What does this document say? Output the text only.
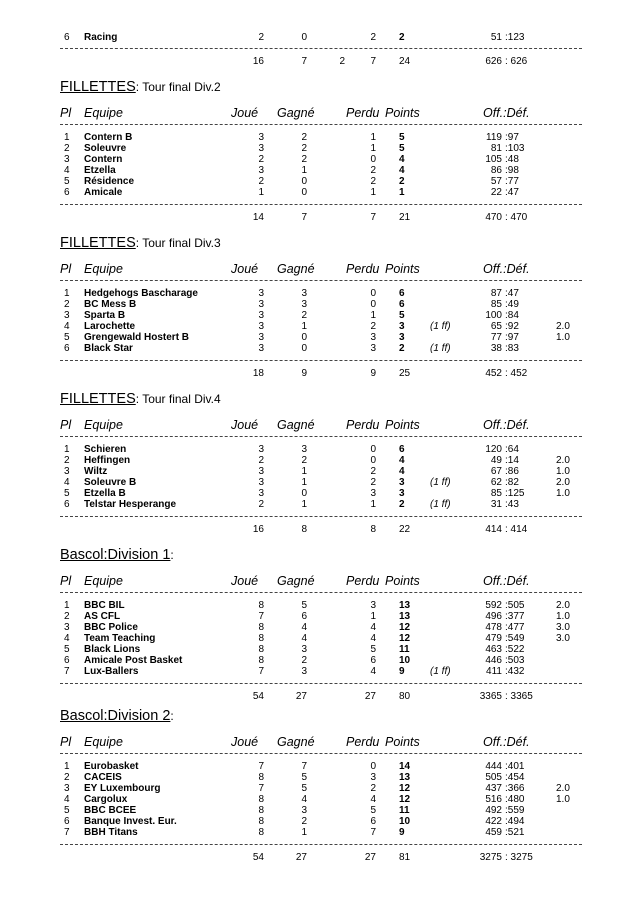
6 Racing	2	0	2 2	51 :123
16	7	2	7 24	626 : 626
FILLETTES: Tour final Div.2
Pl Equipe	Joué Gagné	Perdu Points	Off.:Déf.
1 Contern B	3	2	1 5	119 :97
2 Soleuvre	3	2	1 5	81 :103
3 Contern	2	2	0 4	105 :48
4 Etzella	3	1	2 4	86 :98
5 Résidence	2	0	2 2	57 :77
6 Amicale	1	0	1 1	22 :47
14	7	7 21	470 : 470
FILLETTES: Tour final Div.3
Pl Equipe	Joué Gagné	Perdu Points	Off.:Déf.
1 Hedgehogs Bascharage	3	3	0 6	87 :47
2 BC Mess B	3	3	0 6	85 :49
3 Sparta B	3	2	1 5	100 :84
4 Larochette	3	1	2 3	(1 ff)	65 :92	2.0
5 Grengewald Hostert B	3	0	3 3	77 :97	1.0
6 Black Star	3	0	3 2	(1 ff)	38 :83
18	9	9 25	452 : 452
FILLETTES: Tour final Div.4
Pl Equipe	Joué Gagné	Perdu Points	Off.:Déf.
1 Schieren	3	3	0 6	120 :64
2 Heffingen	2	2	0 4	49 :14	2.0
3 Wiltz	3	1	2 4	67 :86	1.0
4 Soleuvre B	3	1	2 3	(1 ff)	62 :82	2.0
5 Etzella B	3	0	3 3	85 :125	1.0
6 Telstar Hesperange	2	1	1 2	(1 ff)	31 :43
16	8	8 22	414 : 414
Bascol:Division 1:
Pl Equipe	Joué Gagné	Perdu Points	Off.:Déf.
1 BBC BIL	8	5	3 13	592 :505	2.0
2 AS CFL	7	6	1 13	496 :377	1.0
3 BBC Police	8	4	4 12	478 :477	3.0
4 Team Teaching	8	4	4 12	479 :549	3.0
5 Black Lions	8	3	5 11	463 :522
6 Amicale Post Basket	8	2	6 10	446 :503
7 Lux-Ballers	7	3	4 9	(1 ff)	411 :432
54	27	27 80	3365 : 3365
Bascol:Division 2:
Pl Equipe	Joué Gagné	Perdu Points	Off.:Déf.
1 Eurobasket	7	7	0 14	444 :401
2 CACEIS	8	5	3 13	505 :454
3 EY Luxembourg	7	5	2 12	437 :366	2.0
4 Cargolux	8	4	4 12	516 :480	1.0
5 BBC BCEE	8	3	5 11	492 :559
6 Banque Invest. Eur.	8	2	6 10	422 :494
7 BBH Titans	8	1	7 9	459 :521
54	27	27 81	3275 : 3275
